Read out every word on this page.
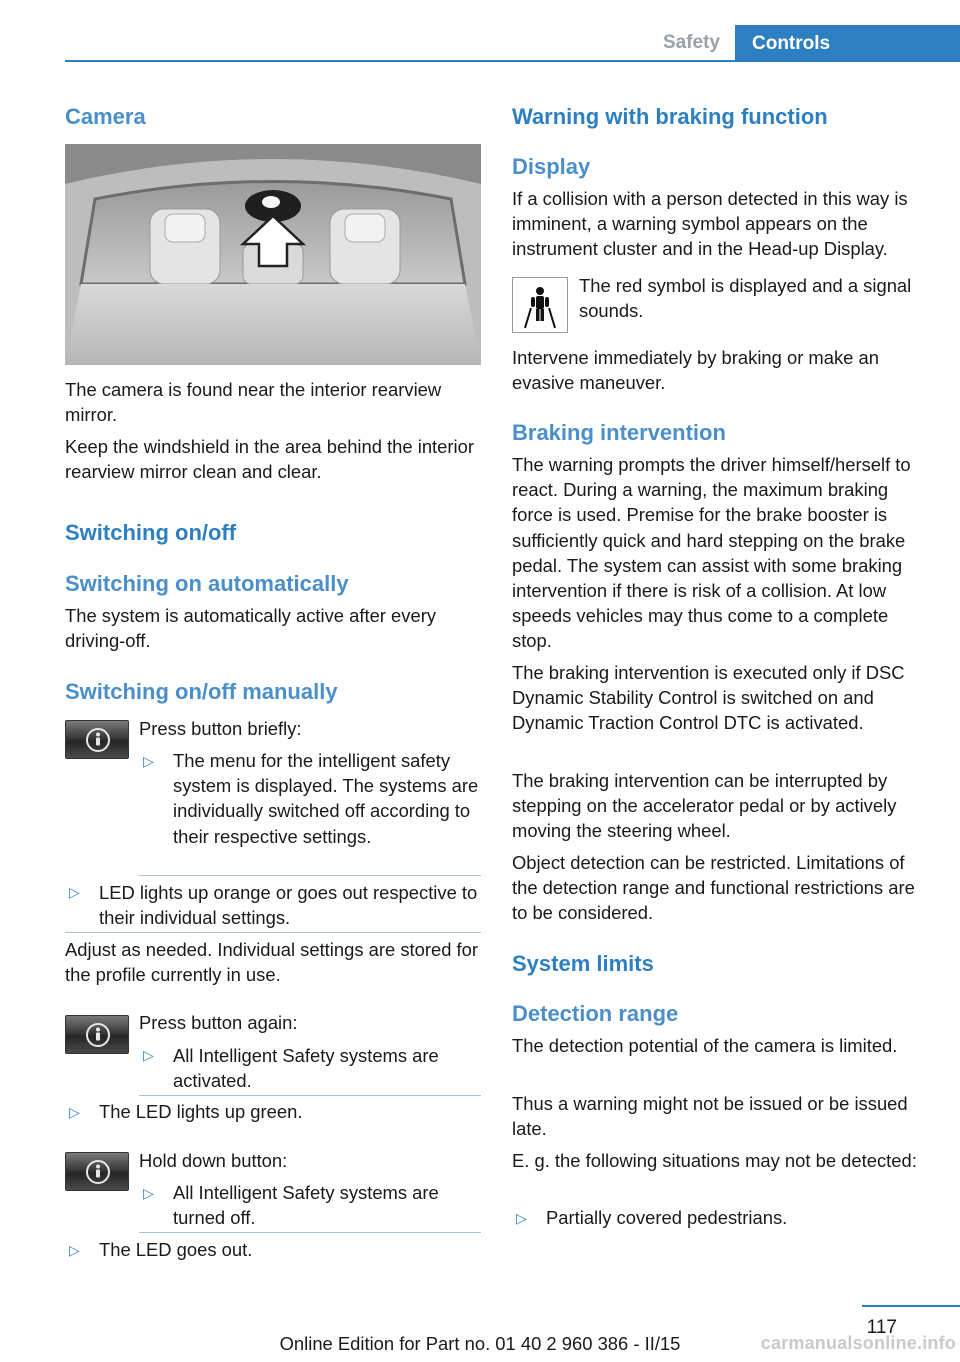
Safety	Controls
Camera
The camera is found near the interior rearview mirror.
Keep the windshield in the area behind the interior rearview mirror clean and clear.
Switching on/off
Switching on automatically
The system is automatically active after every driving-off.
Switching on/off manually
Press button briefly:
▷ The menu for the intelligent safety system is displayed. The systems are individually switched off according to their respective settings.
▷ LED lights up orange or goes out respective to their individual settings.
Adjust as needed. Individual settings are stored for the profile currently in use.
Press button again:
▷ All Intelligent Safety systems are activated.
▷ The LED lights up green.
Hold down button:
▷ All Intelligent Safety systems are turned off.
▷ The LED goes out.
Warning with braking function
Display
If a collision with a person detected in this way is imminent, a warning symbol appears on the instrument cluster and in the Head-up Display.
The red symbol is displayed and a signal sounds.
Intervene immediately by braking or make an evasive maneuver.
Braking intervention
The warning prompts the driver himself/herself to react. During a warning, the maximum braking force is used. Premise for the brake booster is sufficiently quick and hard stepping on the brake pedal. The system can assist with some braking intervention if there is risk of a collision. At low speeds vehicles may thus come to a complete stop.
The braking intervention is executed only if DSC Dynamic Stability Control is switched on and Dynamic Traction Control DTC is activated.
The braking intervention can be interrupted by stepping on the accelerator pedal or by actively moving the steering wheel.
Object detection can be restricted. Limitations of the detection range and functional restrictions are to be considered.
System limits
Detection range
The detection potential of the camera is limited.
Thus a warning might not be issued or be issued late.
E. g. the following situations may not be detected:
▷ Partially covered pedestrians.
117
Online Edition for Part no. 01 40 2 960 386 - II/15	carmanualsonline.info
